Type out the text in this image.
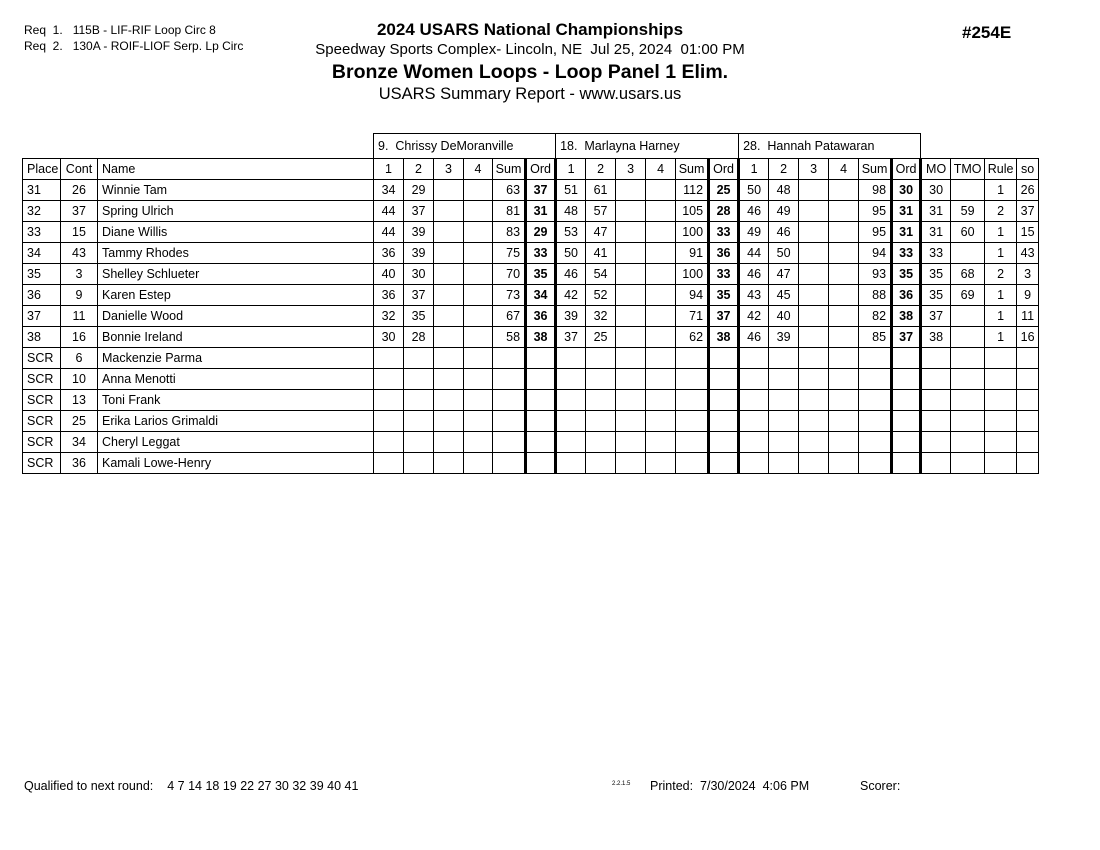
Req  1.   115B - LIF-RIF Loop Circ 8
Req  2.   130A - ROIF-LIOF Serp. Lp Circ
2024 USARS National Championships
Speedway Sports Complex- Lincoln, NE  Jul 25, 2024  01:00 PM
Bronze Women Loops - Loop Panel 1 Elim.
USARS Summary Report - www.usars.us
#254E
			9.  Chrissy DeMoranville						18.  Marlayna Harney						28.  Hannah Patawaran									
Place	Cont	Name	1	2	3	4	Sum	Ord	1	2	3	4	Sum	Ord	1	2	3	4	Sum	Ord	MO	TMO	Rule	so
31	26	Winnie Tam	34	29			63	37	51	61			112	25	50	48			98	30	30		1	26
32	37	Spring Ulrich	44	37			81	31	48	57			105	28	46	49			95	31	31	59	2	37
33	15	Diane Willis	44	39			83	29	53	47			100	33	49	46			95	31	31	60	1	15
34	43	Tammy Rhodes	36	39			75	33	50	41			91	36	44	50			94	33	33		1	43
35	3	Shelley Schlueter	40	30			70	35	46	54			100	33	46	47			93	35	35	68	2	3
36	9	Karen Estep	36	37			73	34	42	52			94	35	43	45			88	36	35	69	1	9
37	11	Danielle Wood	32	35			67	36	39	32			71	37	42	40			82	38	37		1	11
38	16	Bonnie Ireland	30	28			58	38	37	25			62	38	46	39			85	37	38		1	16
SCR	6	Mackenzie Parma																						
SCR	10	Anna Menotti																						
SCR	13	Toni Frank																						
SCR	25	Erika Larios Grimaldi																						
SCR	34	Cheryl Leggat																						
SCR	36	Kamali Lowe-Henry																						
Qualified to next round: 4 7 14 18 19 22 27 30 32 39 40 41	2.2.1.5 Printed:  7/30/2024  4:06 PM	Scorer:
